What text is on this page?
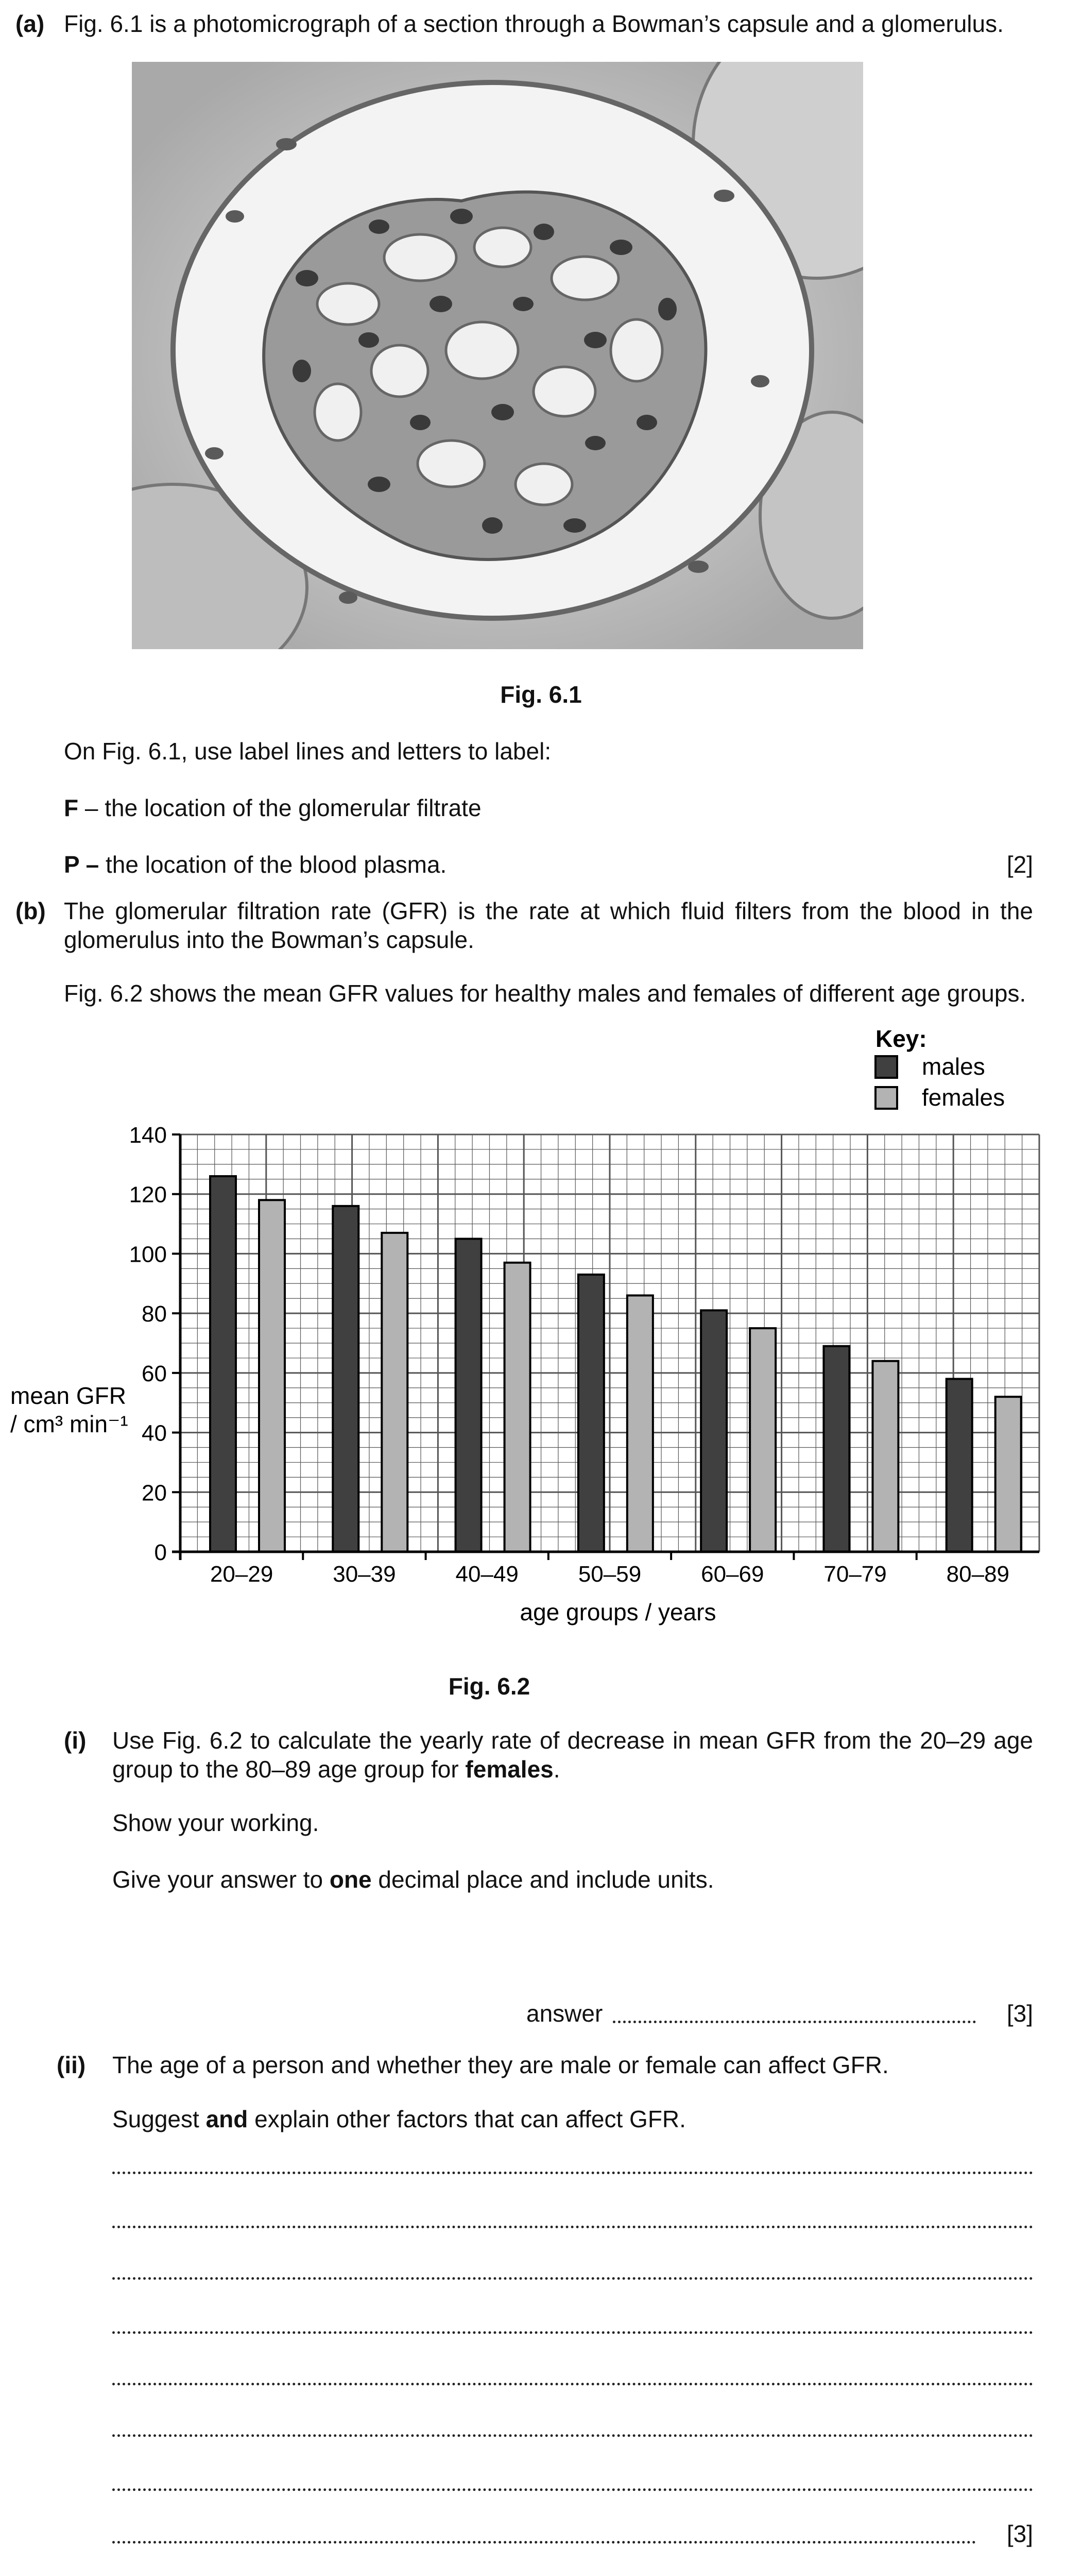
(a) Fig. 6.1 is a photomicrograph of a section through a Bowman’s capsule and a glomerulus.
Fig. 6.1
On Fig. 6.1, use label lines and letters to label:
F – the location of the glomerular filtrate
P – the location of the blood plasma.	[2]
(b) The glomerular filtration rate (GFR) is the rate at which fluid filters from the blood in the glomerulus into the Bowman’s capsule.
Fig. 6.2 shows the mean GFR values for healthy males and females of different age groups.
Key:
males
females
0
20
40
60
80
100
120
140
20–29	30–39	40–49	50–59	60–69	70–79	80–89
mean GFR
/ cm³ min⁻¹
age groups / years
Fig. 6.2
(i) Use Fig. 6.2 to calculate the yearly rate of decrease in mean GFR from the 20–29 age group to the 80–89 age group for females.
Show your working.
Give your answer to one decimal place and include units.
answer	[3]
(ii) The age of a person and whether they are male or female can affect GFR.
Suggest and explain other factors that can affect GFR.
[3]
